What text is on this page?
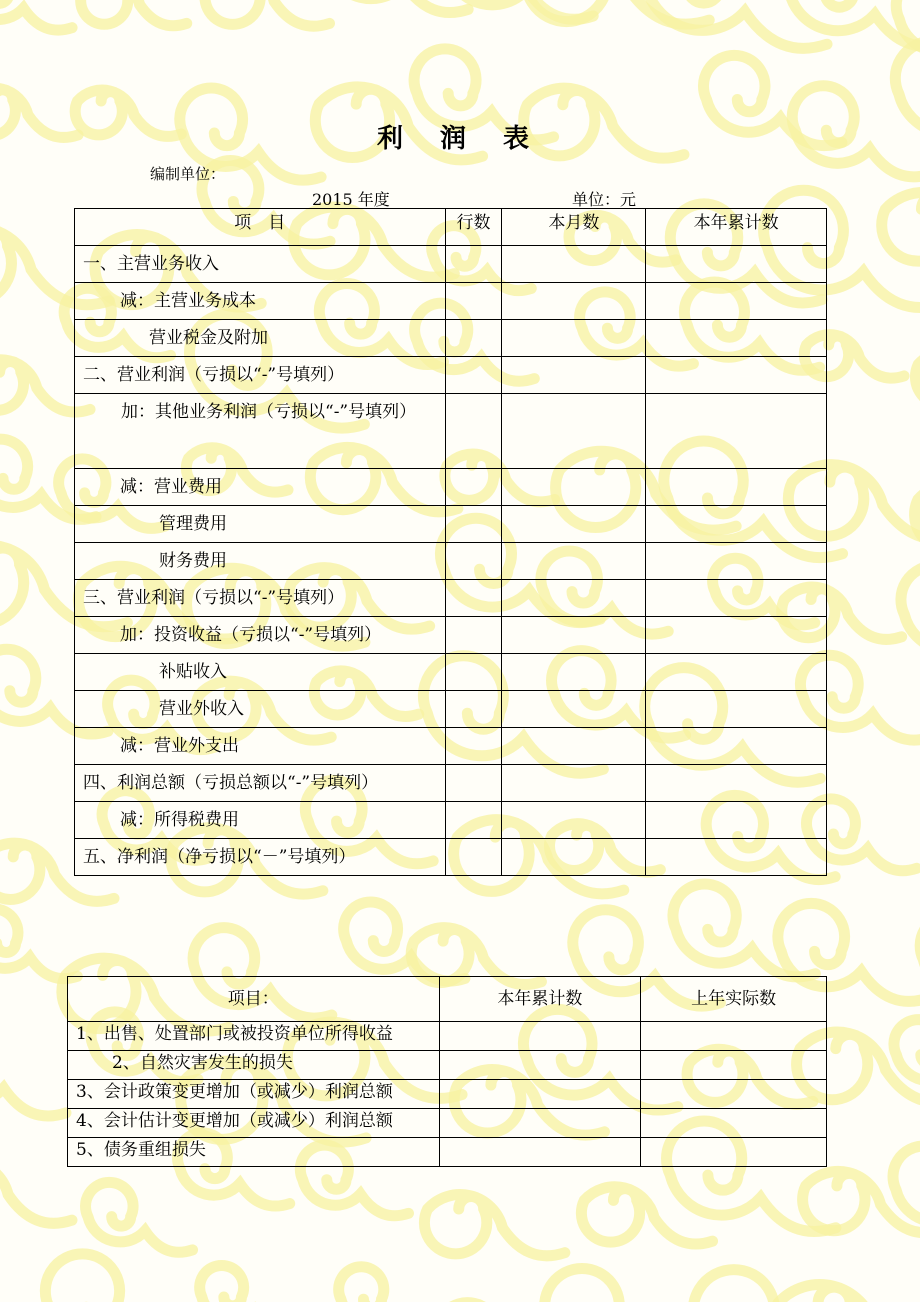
利 润 表
编制单位：
2015 年度	单位：元
项　目	行数	本月数	本年累计数
一、主营业务收入			
减：主营业务成本			
营业税金及附加			
二、营业利润（亏损以“-”号填列）			
加：其他业务利润（亏损以“-”号填列）			
减：营业费用			
管理费用			
财务费用			
三、营业利润（亏损以“-”号填列）			
加：投资收益（亏损以“-”号填列）			
补贴收入			
营业外收入			
减：营业外支出			
四、利润总额（亏损总额以“-”号填列）			
减：所得税费用			
五、净利润（净亏损以“－”号填列）			
项目：	本年累计数	上年实际数
1、出售、处置部门或被投资单位所得收益		
2、自然灾害发生的损失		
3、会计政策变更增加（或减少）利润总额		
4、会计估计变更增加（或减少）利润总额		
5、债务重组损失		
